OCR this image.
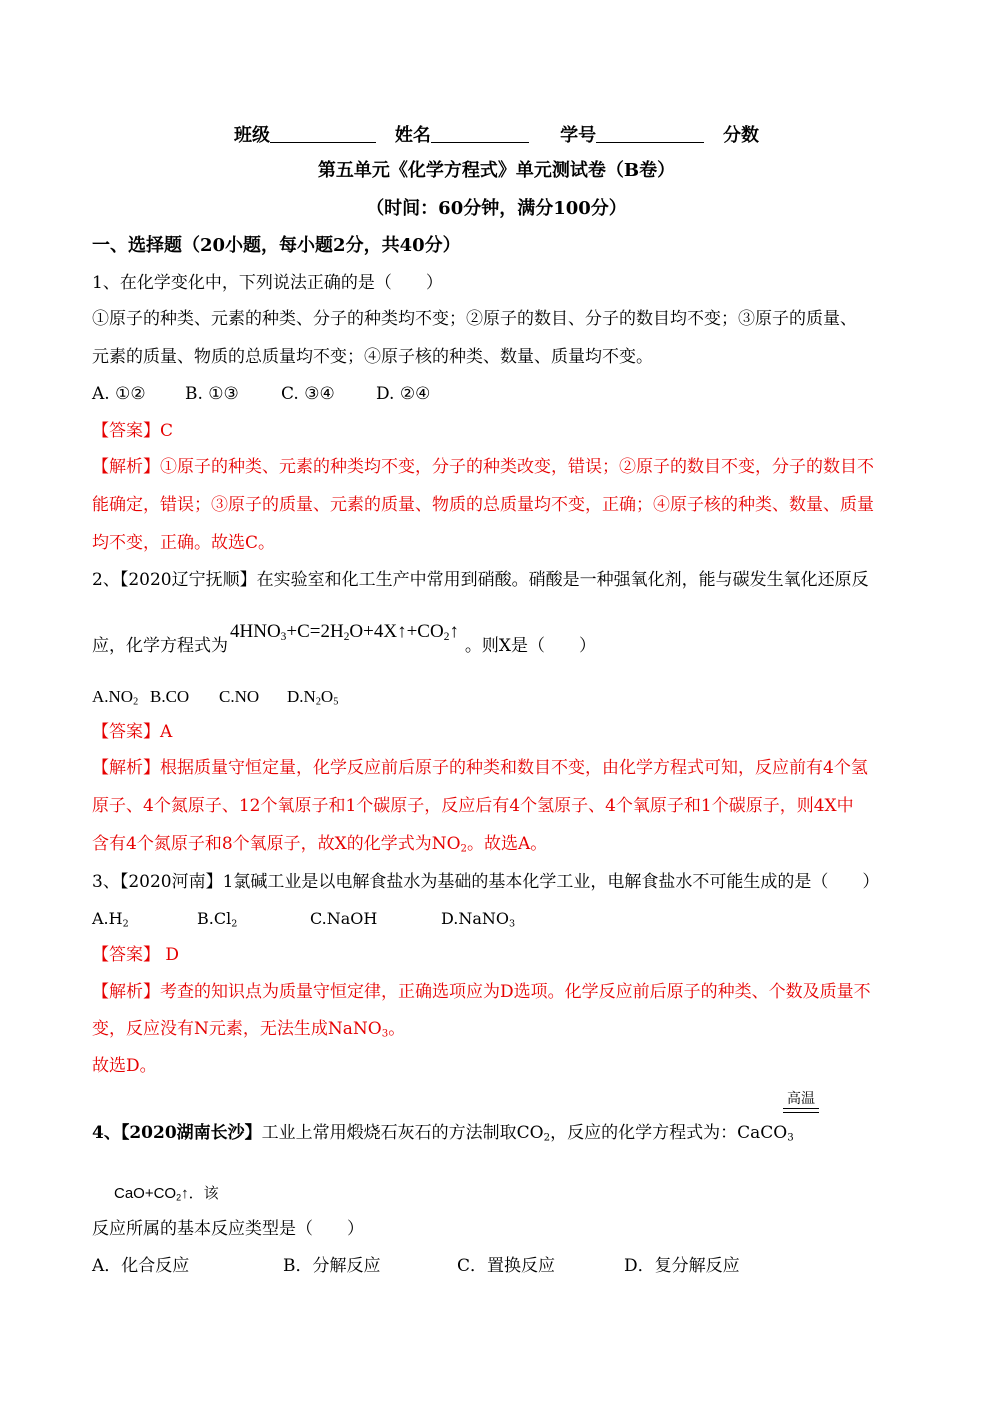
班级	姓名	学号	分数
第五单元《化学方程式》单元测试卷（B卷）
（时间：60分钟，满分100分）
一、选择题（20小题，每小题2分，共40分）
1、在化学变化中，下列说法正确的是（　　）
①原子的种类、元素的种类、分子的种类均不变；②原子的数目、分子的数目均不变；③原子的质量、
元素的质量、物质的总质量均不变；④原子核的种类、数量、质量均不变。
A. ①② B. ①③ C. ③④ D. ②④
【答案】C
【解析】①原子的种类、元素的种类均不变，分子的种类改变，错误；②原子的数目不变，分子的数目不
能确定，错误；③原子的质量、元素的质量、物质的总质量均不变，正确；④原子核的种类、数量、质量
均不变，正确。故选C。
2、【2020辽宁抚顺】在实验室和化工生产中常用到硝酸。硝酸是一种强氧化剂，能与碳发生氧化还原反
应，化学方程式为$4HNO_3+C=2H_2O+4X↑+CO_2↑$。则X是（　　）
$A.NO_2$ B.CO C.NO $D.N_2O_5$
【答案】A
【解析】根据质量守恒定量，化学反应前后原子的种类和数目不变，由化学方程式可知，反应前有4个氢
原子、4个氮原子、12个氧原子和1个碳原子，反应后有4个氢原子、4个氧原子和1个碳原子，则4X中
含有4个氮原子和8个氧原子，故X的化学式为$NO_2$。故选A。
3、【2020河南】1氯碱工业是以电解食盐水为基础的基本化学工业，电解食盐水不可能生成的是（　　）
$A.H_2$	$B.Cl_2$	C.NaOH	D.NaNO$_3$
【答案】 D
【解析】考查的知识点为质量守恒定律，正确选项应为D选项。化学反应前后原子的种类、个数及质量不
变，反应没有N元素，无法生成NaNO$_3$。
故选D。
高温
4、【2020湖南长沙】工业上常用煅烧石灰石的方法制取$CO_2$，反应的化学方程式为：CaCO$_3$
$CaO+CO_2↑$．该
反应所属的基本反应类型是（　　）
A．化合反应	B．分解反应	C．置换反应	D．复分解反应
